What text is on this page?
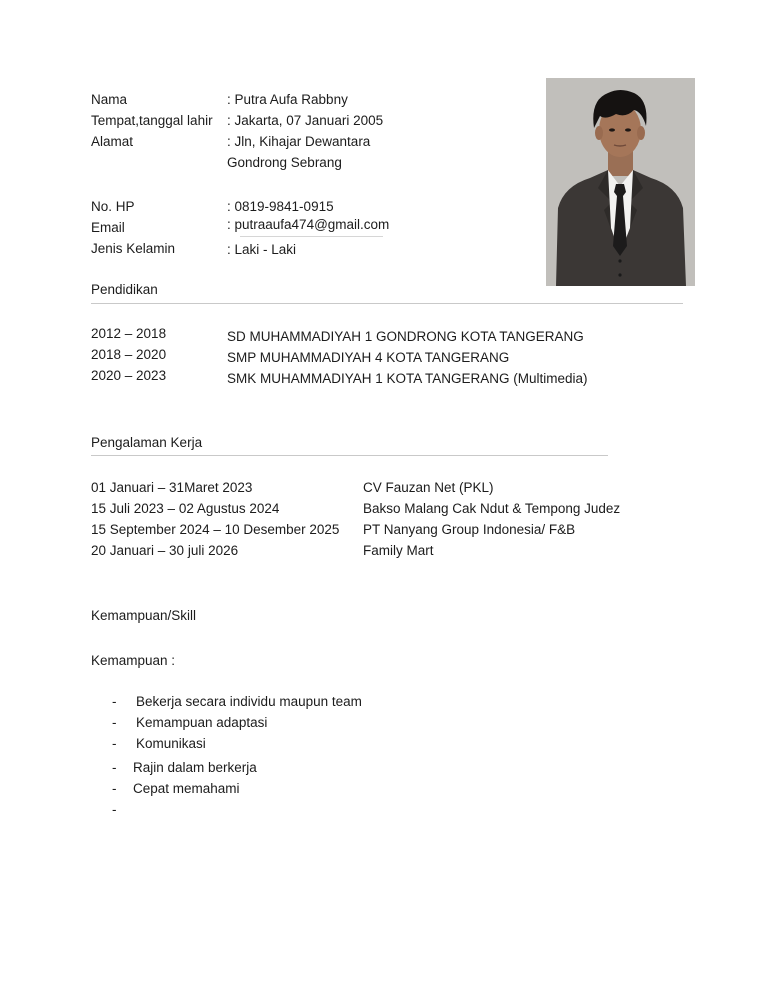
Nama	: Putra Aufa Rabbny
Tempat,tanggal lahir : Jakarta, 07 Januari 2005
Alamat	: Jln, Kihajar Dewantara
Gondrong Sebrang
No. HP	: 0819-9841-0915
Email	: putraaufa474@gmail.com
Jenis Kelamin	: Laki - Laki
Pendidikan
2012 – 2018	SD MUHAMMADIYAH 1 GONDRONG KOTA TANGERANG
2018 – 2020	SMP MUHAMMADIYAH 4 KOTA TANGERANG
2020 – 2023	SMK MUHAMMADIYAH 1 KOTA TANGERANG (Multimedia)
Pengalaman Kerja
01 Januari – 31Maret 2023	CV Fauzan Net (PKL)
15 Juli 2023 – 02 Agustus 2024	Bakso Malang Cak Ndut & Tempong Judez
15 September 2024 – 10 Desember 2025 PT Nanyang Group Indonesia/ F&B
20 Januari – 30 juli 2026	Family Mart
Kemampuan/Skill
Kemampuan :
- Bekerja secara individu maupun team
- Kemampuan adaptasi
- Komunikasi
- Rajin dalam berkerja
- Cepat memahami
-
